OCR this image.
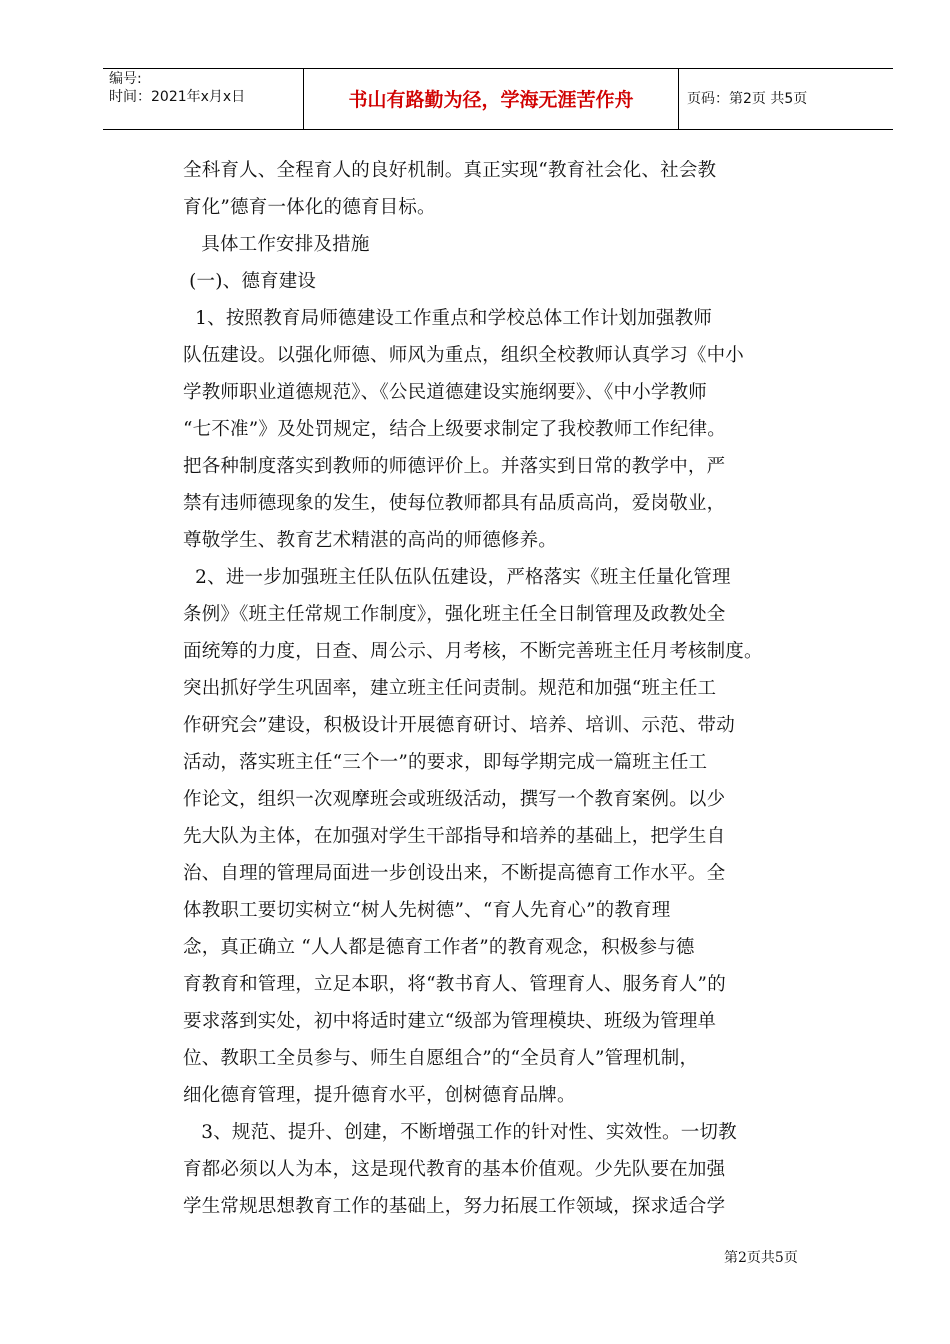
编号:
时间：2021年x月x日	书山有路勤为径，学海无涯苦作舟	页码：第2页 共5页
全科育人、全程育人的良好机制。真正实现“教育社会化、社会教
育化”德育一体化的德育目标。
具体工作安排及措施
(一)、德育建设
1、按照教育局师德建设工作重点和学校总体工作计划加强教师
队伍建设。以强化师德、师风为重点，组织全校教师认真学习《中小
学教师职业道德规范》、《公民道德建设实施纲要》、《中小学教师
“七不准”》及处罚规定，结合上级要求制定了我校教师工作纪律。
把各种制度落实到教师的师德评价上。并落实到日常的教学中，严
禁有违师德现象的发生，使每位教师都具有品质高尚，爱岗敬业，
尊敬学生、教育艺术精湛的高尚的师德修养。
2、进一步加强班主任队伍队伍建设，严格落实《班主任量化管理
条例》《班主任常规工作制度》，强化班主任全日制管理及政教处全
面统筹的力度，日查、周公示、月考核，不断完善班主任月考核制度。
突出抓好学生巩固率，建立班主任问责制。规范和加强“班主任工
作研究会”建设，积极设计开展德育研讨、培养、培训、示范、带动
活动，落实班主任“三个一”的要求，即每学期完成一篇班主任工
作论文，组织一次观摩班会或班级活动，撰写一个教育案例。以少
先大队为主体，在加强对学生干部指导和培养的基础上，把学生自
治、自理的管理局面进一步创设出来，不断提高德育工作水平。全
体教职工要切实树立“树人先树德”、“育人先育心”的教育理
念，真正确立 “人人都是德育工作者”的教育观念，积极参与德
育教育和管理，立足本职，将“教书育人、管理育人、服务育人”的
要求落到实处，初中将适时建立“级部为管理模块、班级为管理单
位、教职工全员参与、师生自愿组合”的“全员育人”管理机制，
细化德育管理，提升德育水平，创树德育品牌。
3、规范、提升、创建，不断增强工作的针对性、实效性。一切教
育都必须以人为本，这是现代教育的基本价值观。少先队要在加强
学生常规思想教育工作的基础上，努力拓展工作领域，探求适合学
第2页共5页
